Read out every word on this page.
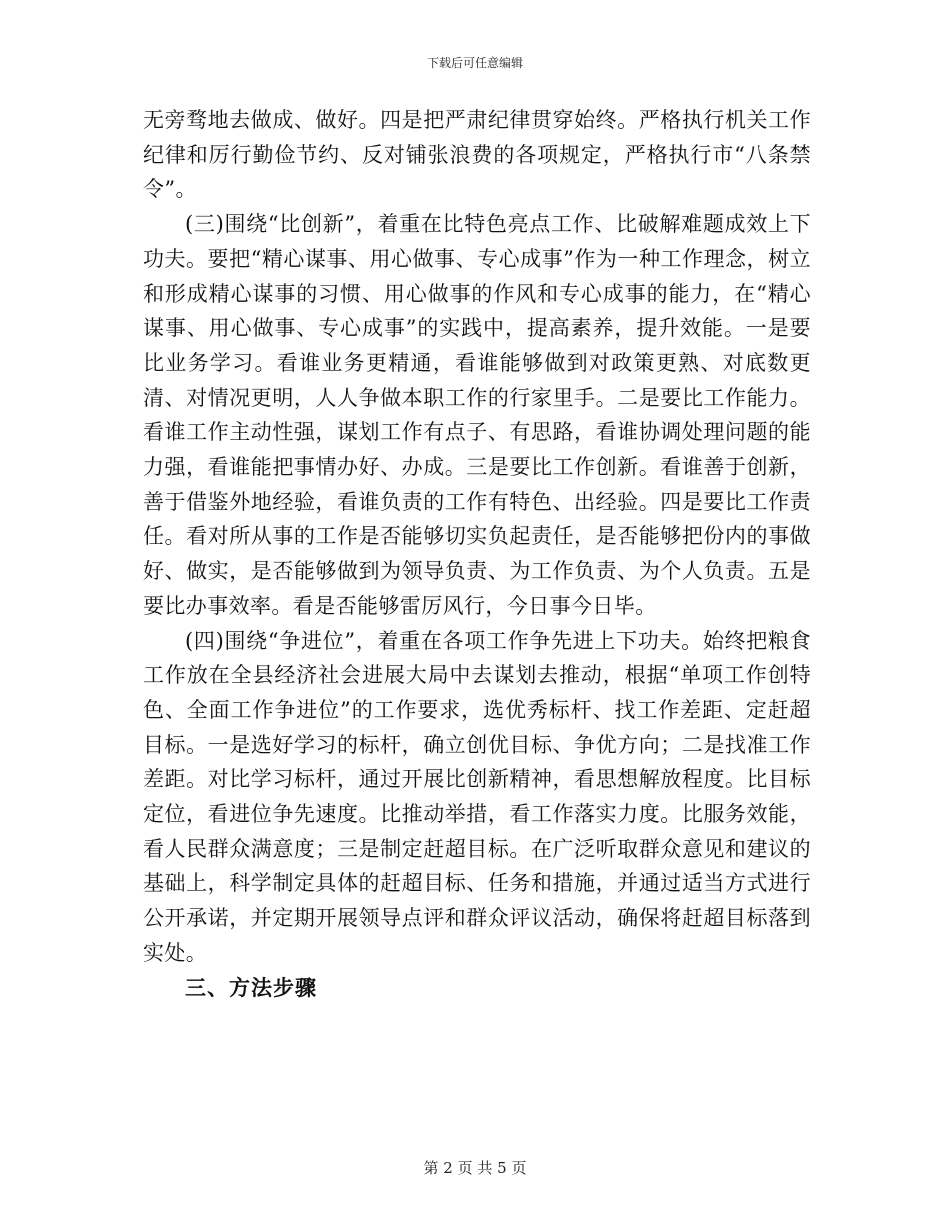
下载后可任意编辑

无旁骛地去做成、做好。四是把严肃纪律贯穿始终。严格执行机关工作纪律和厉行勤俭节约、反对铺张浪费的各项规定，严格执行市“八条禁令”。

(三)围绕“比创新”，着重在比特色亮点工作、比破解难题成效上下功夫。要把“精心谋事、用心做事、专心成事”作为一种工作理念，树立和形成精心谋事的习惯、用心做事的作风和专心成事的能力，在“精心谋事、用心做事、专心成事”的实践中，提高素养，提升效能。一是要比业务学习。看谁业务更精通，看谁能够做到对政策更熟、对底数更清、对情况更明，人人争做本职工作的行家里手。二是要比工作能力。看谁工作主动性强，谋划工作有点子、有思路，看谁协调处理问题的能力强，看谁能把事情办好、办成。三是要比工作创新。看谁善于创新，善于借鉴外地经验，看谁负责的工作有特色、出经验。四是要比工作责任。看对所从事的工作是否能够切实负起责任，是否能够把份内的事做好、做实，是否能够做到为领导负责、为工作负责、为个人负责。五是要比办事效率。看是否能够雷厉风行，今日事今日毕。

(四)围绕“争进位”，着重在各项工作争先进上下功夫。始终把粮食工作放在全县经济社会进展大局中去谋划去推动，根据“单项工作创特色、全面工作争进位”的工作要求，选优秀标杆、找工作差距、定赶超目标。一是选好学习的标杆，确立创优目标、争优方向；二是找准工作差距。对比学习标杆，通过开展比创新精神，看思想解放程度。比目标定位，看进位争先速度。比推动举措，看工作落实力度。比服务效能，看人民群众满意度；三是制定赶超目标。在广泛听取群众意见和建议的基础上，科学制定具体的赶超目标、任务和措施，并通过适当方式进行公开承诺，并定期开展领导点评和群众评议活动，确保将赶超目标落到实处。

三、方法步骤

第 2 页 共 5 页
